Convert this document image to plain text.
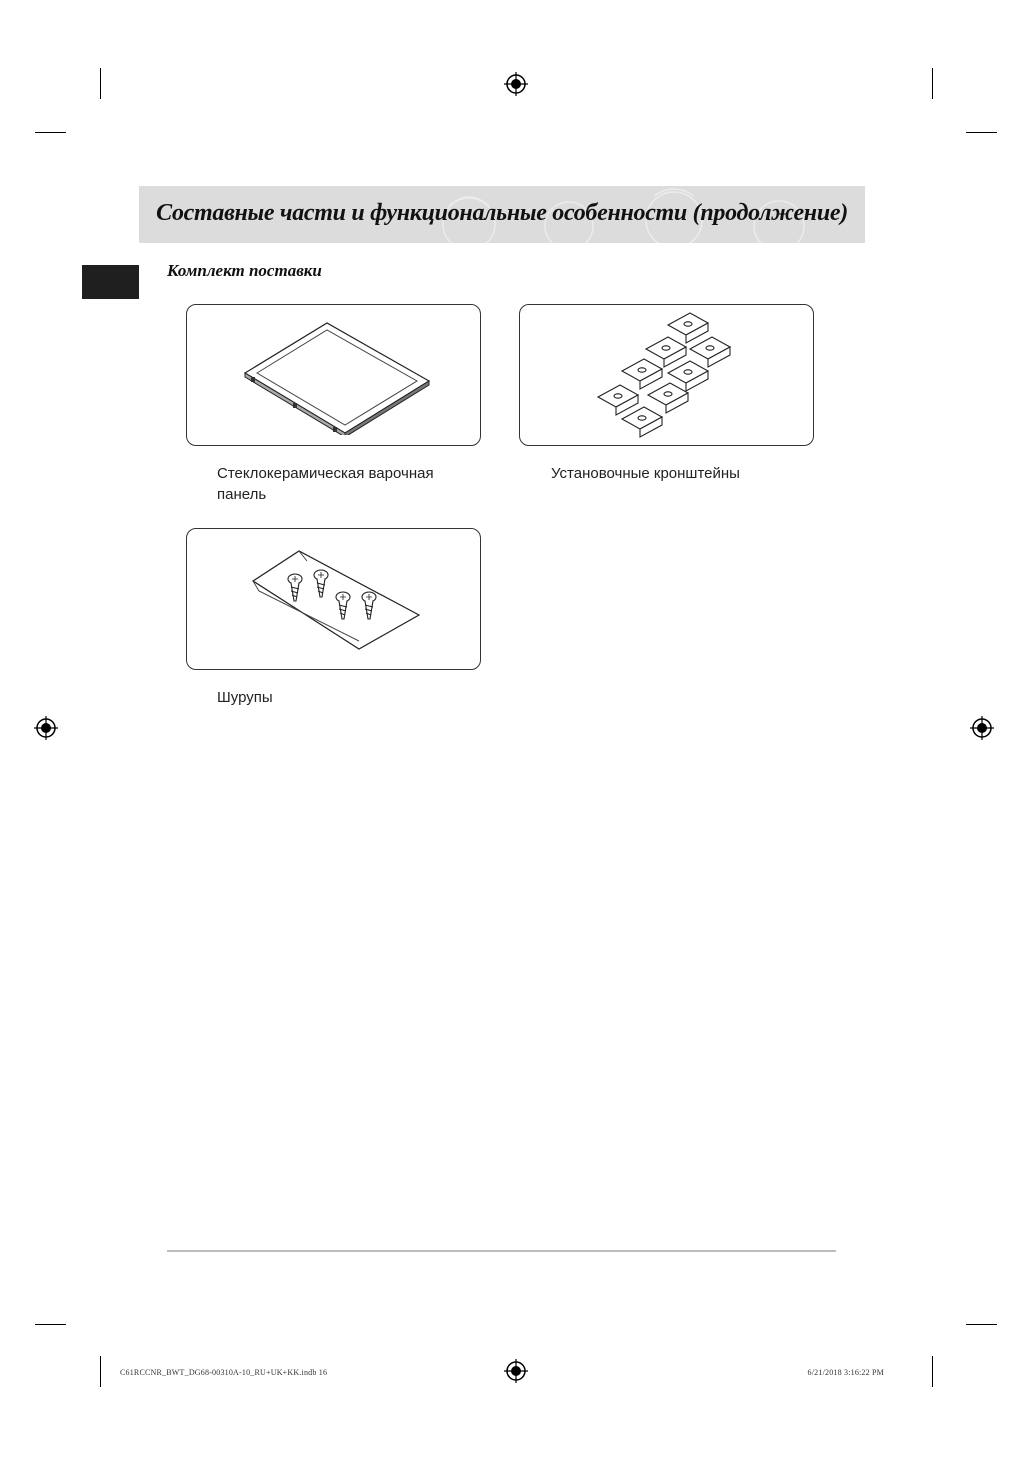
Составные части и функциональные особенности (продолжение)
Комплект поставки
Стеклокерамическая варочная
панель
Установочные кронштейны
Шурупы
C61RCCNR_BWT_DG68-00310A-10_RU+UK+KK.indb 16	6/21/2018 3:16:22 PM
